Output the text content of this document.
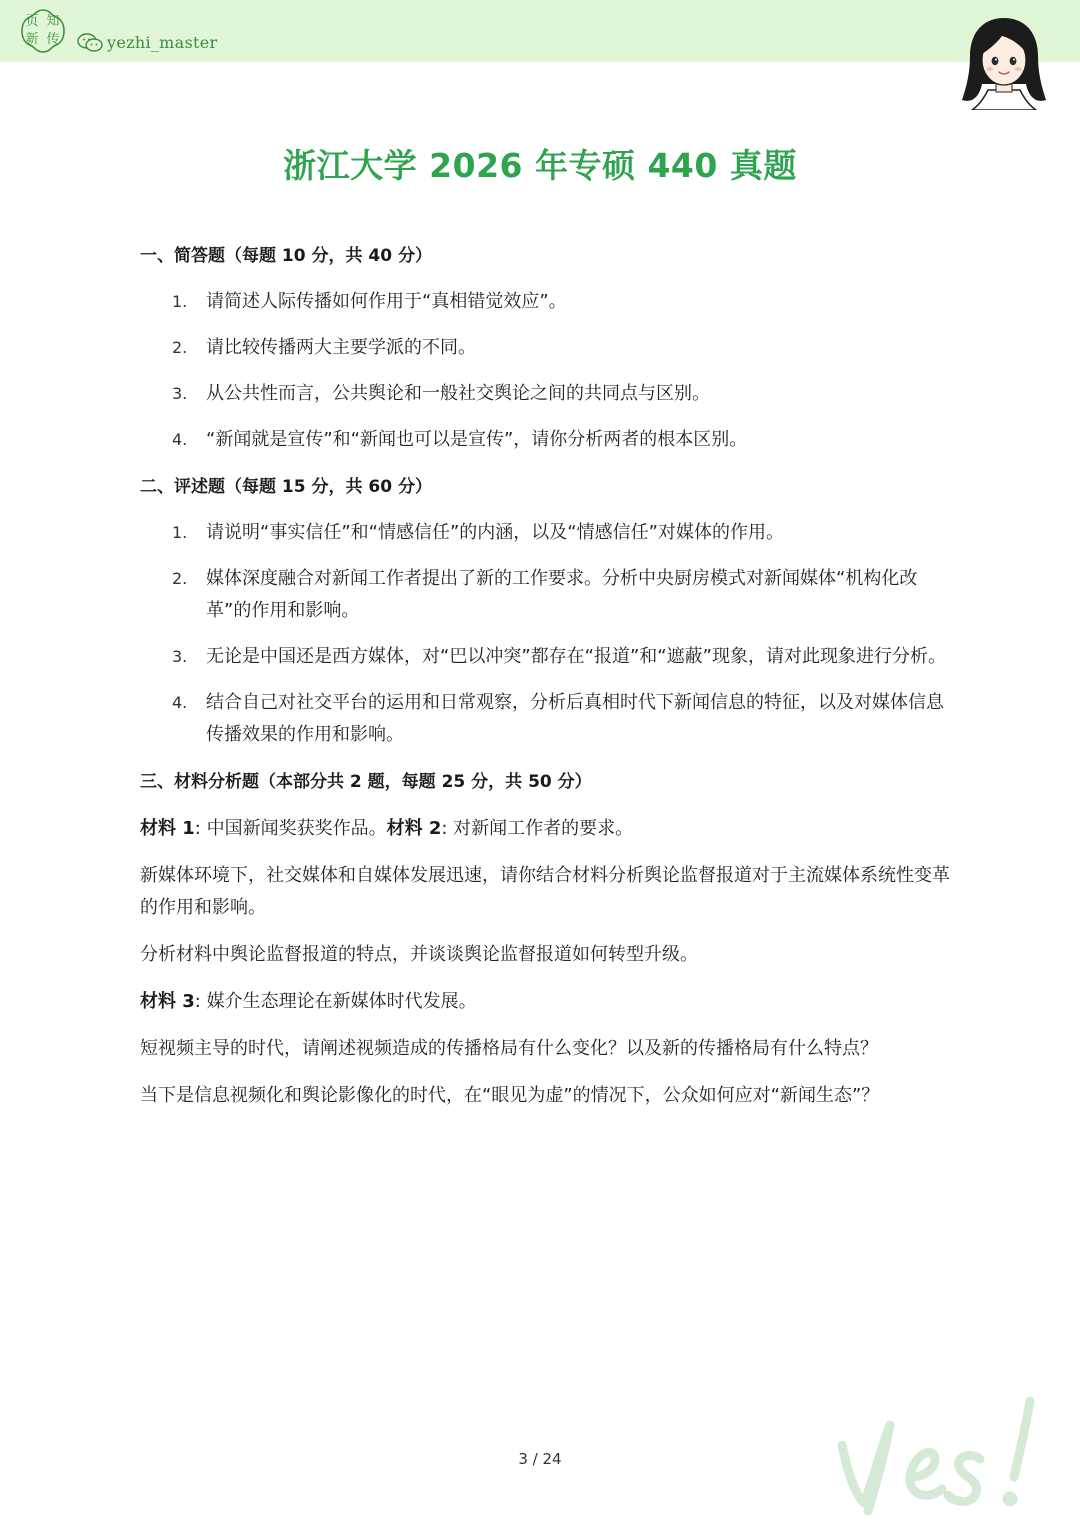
页 知
新 传	yezhi_master
浙江大学 2026 年专硕 440 真题
一、简答题（每题 10 分，共 40 分）
1. 请简述人际传播如何作用于“真相错觉效应”。
2. 请比较传播两大主要学派的不同。
3. 从公共性而言，公共舆论和一般社交舆论之间的共同点与区别。
4. “新闻就是宣传”和“新闻也可以是宣传”，请你分析两者的根本区别。
二、评述题（每题 15 分，共 60 分）
1. 请说明“事实信任”和“情感信任”的内涵，以及“情感信任”对媒体的作用。
2. 媒体深度融合对新闻工作者提出了新的工作要求。分析中央厨房模式对新闻媒体“机构化改革”的作用和影响。
3. 无论是中国还是西方媒体，对“巴以冲突”都存在“报道”和“遮蔽”现象，请对此现象进行分析。
4. 结合自己对社交平台的运用和日常观察，分析后真相时代下新闻信息的特征，以及对媒体信息传播效果的作用和影响。
三、材料分析题（本部分共 2 题，每题 25 分，共 50 分）
材料 1: 中国新闻奖获奖作品。材料 2: 对新闻工作者的要求。
新媒体环境下，社交媒体和自媒体发展迅速，请你结合材料分析舆论监督报道对于主流媒体系统性变革的作用和影响。
分析材料中舆论监督报道的特点，并谈谈舆论监督报道如何转型升级。
材料 3: 媒介生态理论在新媒体时代发展。
短视频主导的时代，请阐述视频造成的传播格局有什么变化？以及新的传播格局有什么特点？
当下是信息视频化和舆论影像化的时代，在“眼见为虚”的情况下，公众如何应对“新闻生态”？
3 / 24
